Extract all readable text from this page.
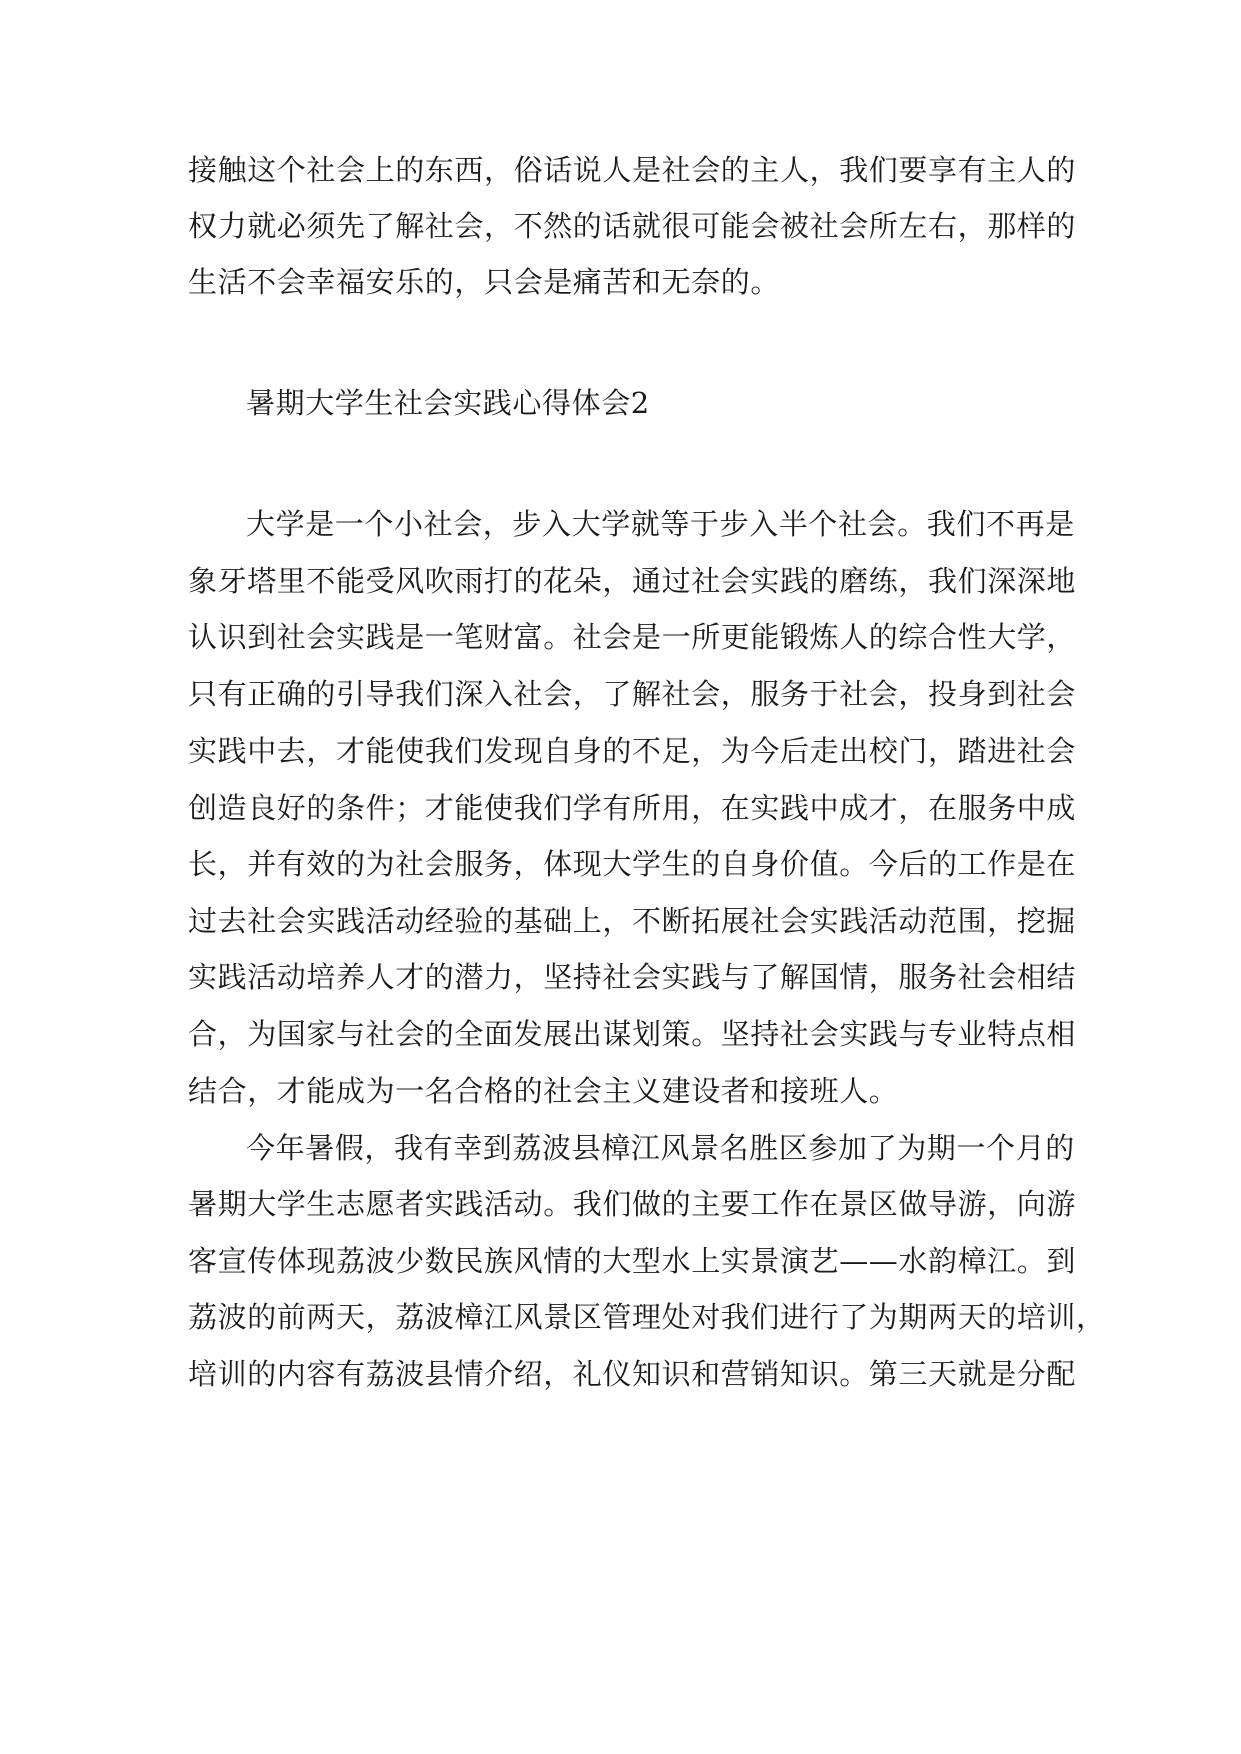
接触这个社会上的东西，俗话说人是社会的主人，我们要享有主人的
权力就必须先了解社会，不然的话就很可能会被社会所左右，那样的
生活不会幸福安乐的，只会是痛苦和无奈的。
暑期大学生社会实践心得体会2
大学是一个小社会，步入大学就等于步入半个社会。我们不再是
象牙塔里不能受风吹雨打的花朵，通过社会实践的磨练，我们深深地
认识到社会实践是一笔财富。社会是一所更能锻炼人的综合性大学，
只有正确的引导我们深入社会，了解社会，服务于社会，投身到社会
实践中去，才能使我们发现自身的不足，为今后走出校门，踏进社会
创造良好的条件；才能使我们学有所用，在实践中成才，在服务中成
长，并有效的为社会服务，体现大学生的自身价值。今后的工作是在
过去社会实践活动经验的基础上，不断拓展社会实践活动范围，挖掘
实践活动培养人才的潜力，坚持社会实践与了解国情，服务社会相结
合，为国家与社会的全面发展出谋划策。坚持社会实践与专业特点相
结合，才能成为一名合格的社会主义建设者和接班人。
今年暑假，我有幸到荔波县樟江风景名胜区参加了为期一个月的
暑期大学生志愿者实践活动。我们做的主要工作在景区做导游，向游
客宣传体现荔波少数民族风情的大型水上实景演艺——水韵樟江。到
荔波的前两天，荔波樟江风景区管理处对我们进行了为期两天的培训，
培训的内容有荔波县情介绍，礼仪知识和营销知识。第三天就是分配
